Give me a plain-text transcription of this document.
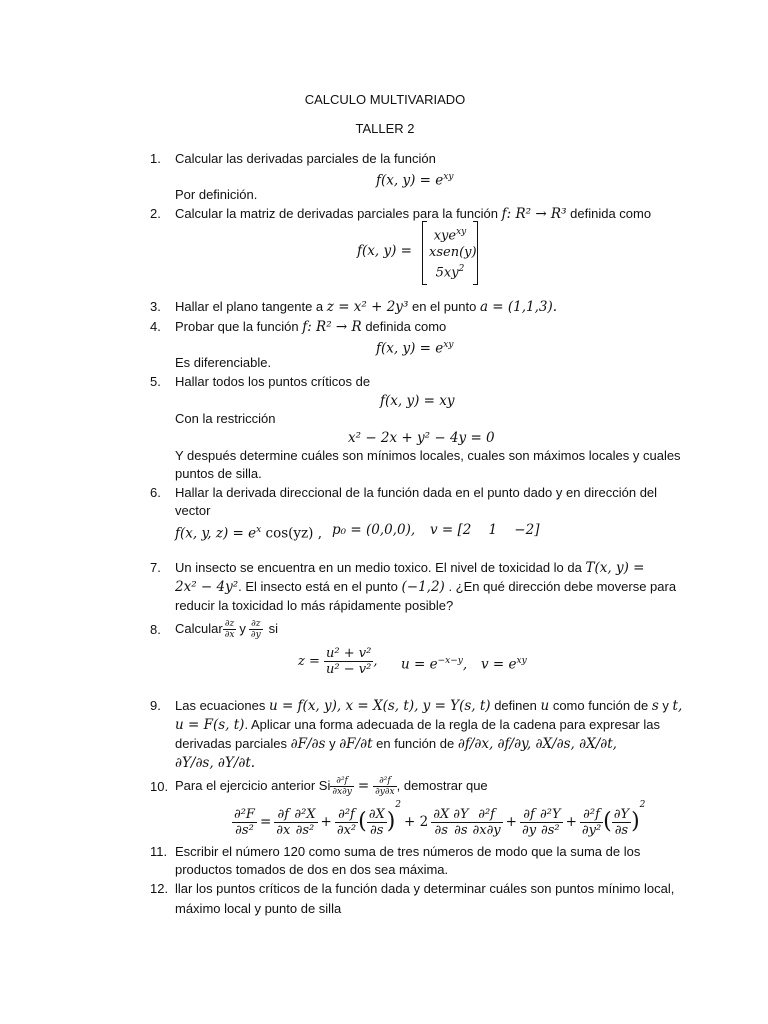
CALCULO MULTIVARIADO
TALLER 2
1. Calcular las derivadas parciales de la función
f(x, $y) = e^{xy}$
Por definición.
2. Calcular la matriz de derivadas parciales para la función f: R² → R³ definida como
f(x, y) =
xye$^{xy}$
xsen(y)
$5xy^2$
3. Hallar el plano tangente a z = x² + 2y³ en el punto a = (1,1,3).
4. Probar que la función f: R² → R definida como
f(x, $y) = e^{xy}$
Es diferenciable.
5. Hallar todos los puntos críticos de
f(x, y) = xy
Con la restricción
x² − 2x + y² − 4y = 0
Y después determine cuáles son mínimos locales, cuales son máximos locales y cuales
puntos de silla.
6. Hallar la derivada direccional de la función dada en el punto dado y en dirección del
vector
f(x, y, $z) = e^x$ cos(yz) , p₀ = (0,0,0), v = [2    1    −2]
7. Un insecto se encuentra en un medio toxico. El nivel de toxicidad lo da T(x, y) =
2x² − 4y². El insecto está en el punto (−1,2) . ¿En qué dirección debe moverse para
reducir la toxicidad lo más rápidamente posible?
8. Calcular $\frac{\partial z}{\partial x}$ y $\frac{\partial z}{\partial y}$ si
z =
$\frac{\text{u² + v²}}{\text{u² − v²}}$ , $u = e^{-x-y}$, $v = e^{xy}$
9. Las ecuaciones u = f(x, y), x = X(s, t), y = Y(s, t) definen u como función de s y t,
u = F(s, t). Aplicar una forma adecuada de la regla de la cadena para expresar las
derivadas parciales ∂F/∂s y ∂F/∂t en función de ∂f/∂x, ∂f/∂y, ∂X/∂s, ∂X/∂t,
∂Y/∂s, ∂Y/∂t.
10. Para el ejercicio anterior Si $\frac{\text{∂²f}}{\partial x\partial y} = \frac{\text{∂²f}}{\partial y\partial x}$ , demostrar que
$\frac{\text{∂²F}}{\text{∂s²}} = \frac{\partial f}{\partial x} \frac{\text{∂²X}}{\text{∂s²}} + \frac{\text{∂²f}}{\text{∂x²}}$ ( $\frac{\partial X}{\partial s}$ )
2
+ $2 \frac{\partial X}{\partial s} \frac{\partial Y}{\partial s} \frac{\text{∂²f}}{\partial x\partial y} + \frac{\partial f}{\partial y} \frac{\text{∂²Y}}{\text{∂s²}} + \frac{\text{∂²f}}{\text{∂y²}}$ ( $\frac{\partial Y}{\partial s}$ )
2
11. Escribir el número 120 como suma de tres números de modo que la suma de los
productos tomados de dos en dos sea máxima.
12. llar los puntos críticos de la función dada y determinar cuáles son puntos mínimo local,
máximo local y punto de silla
